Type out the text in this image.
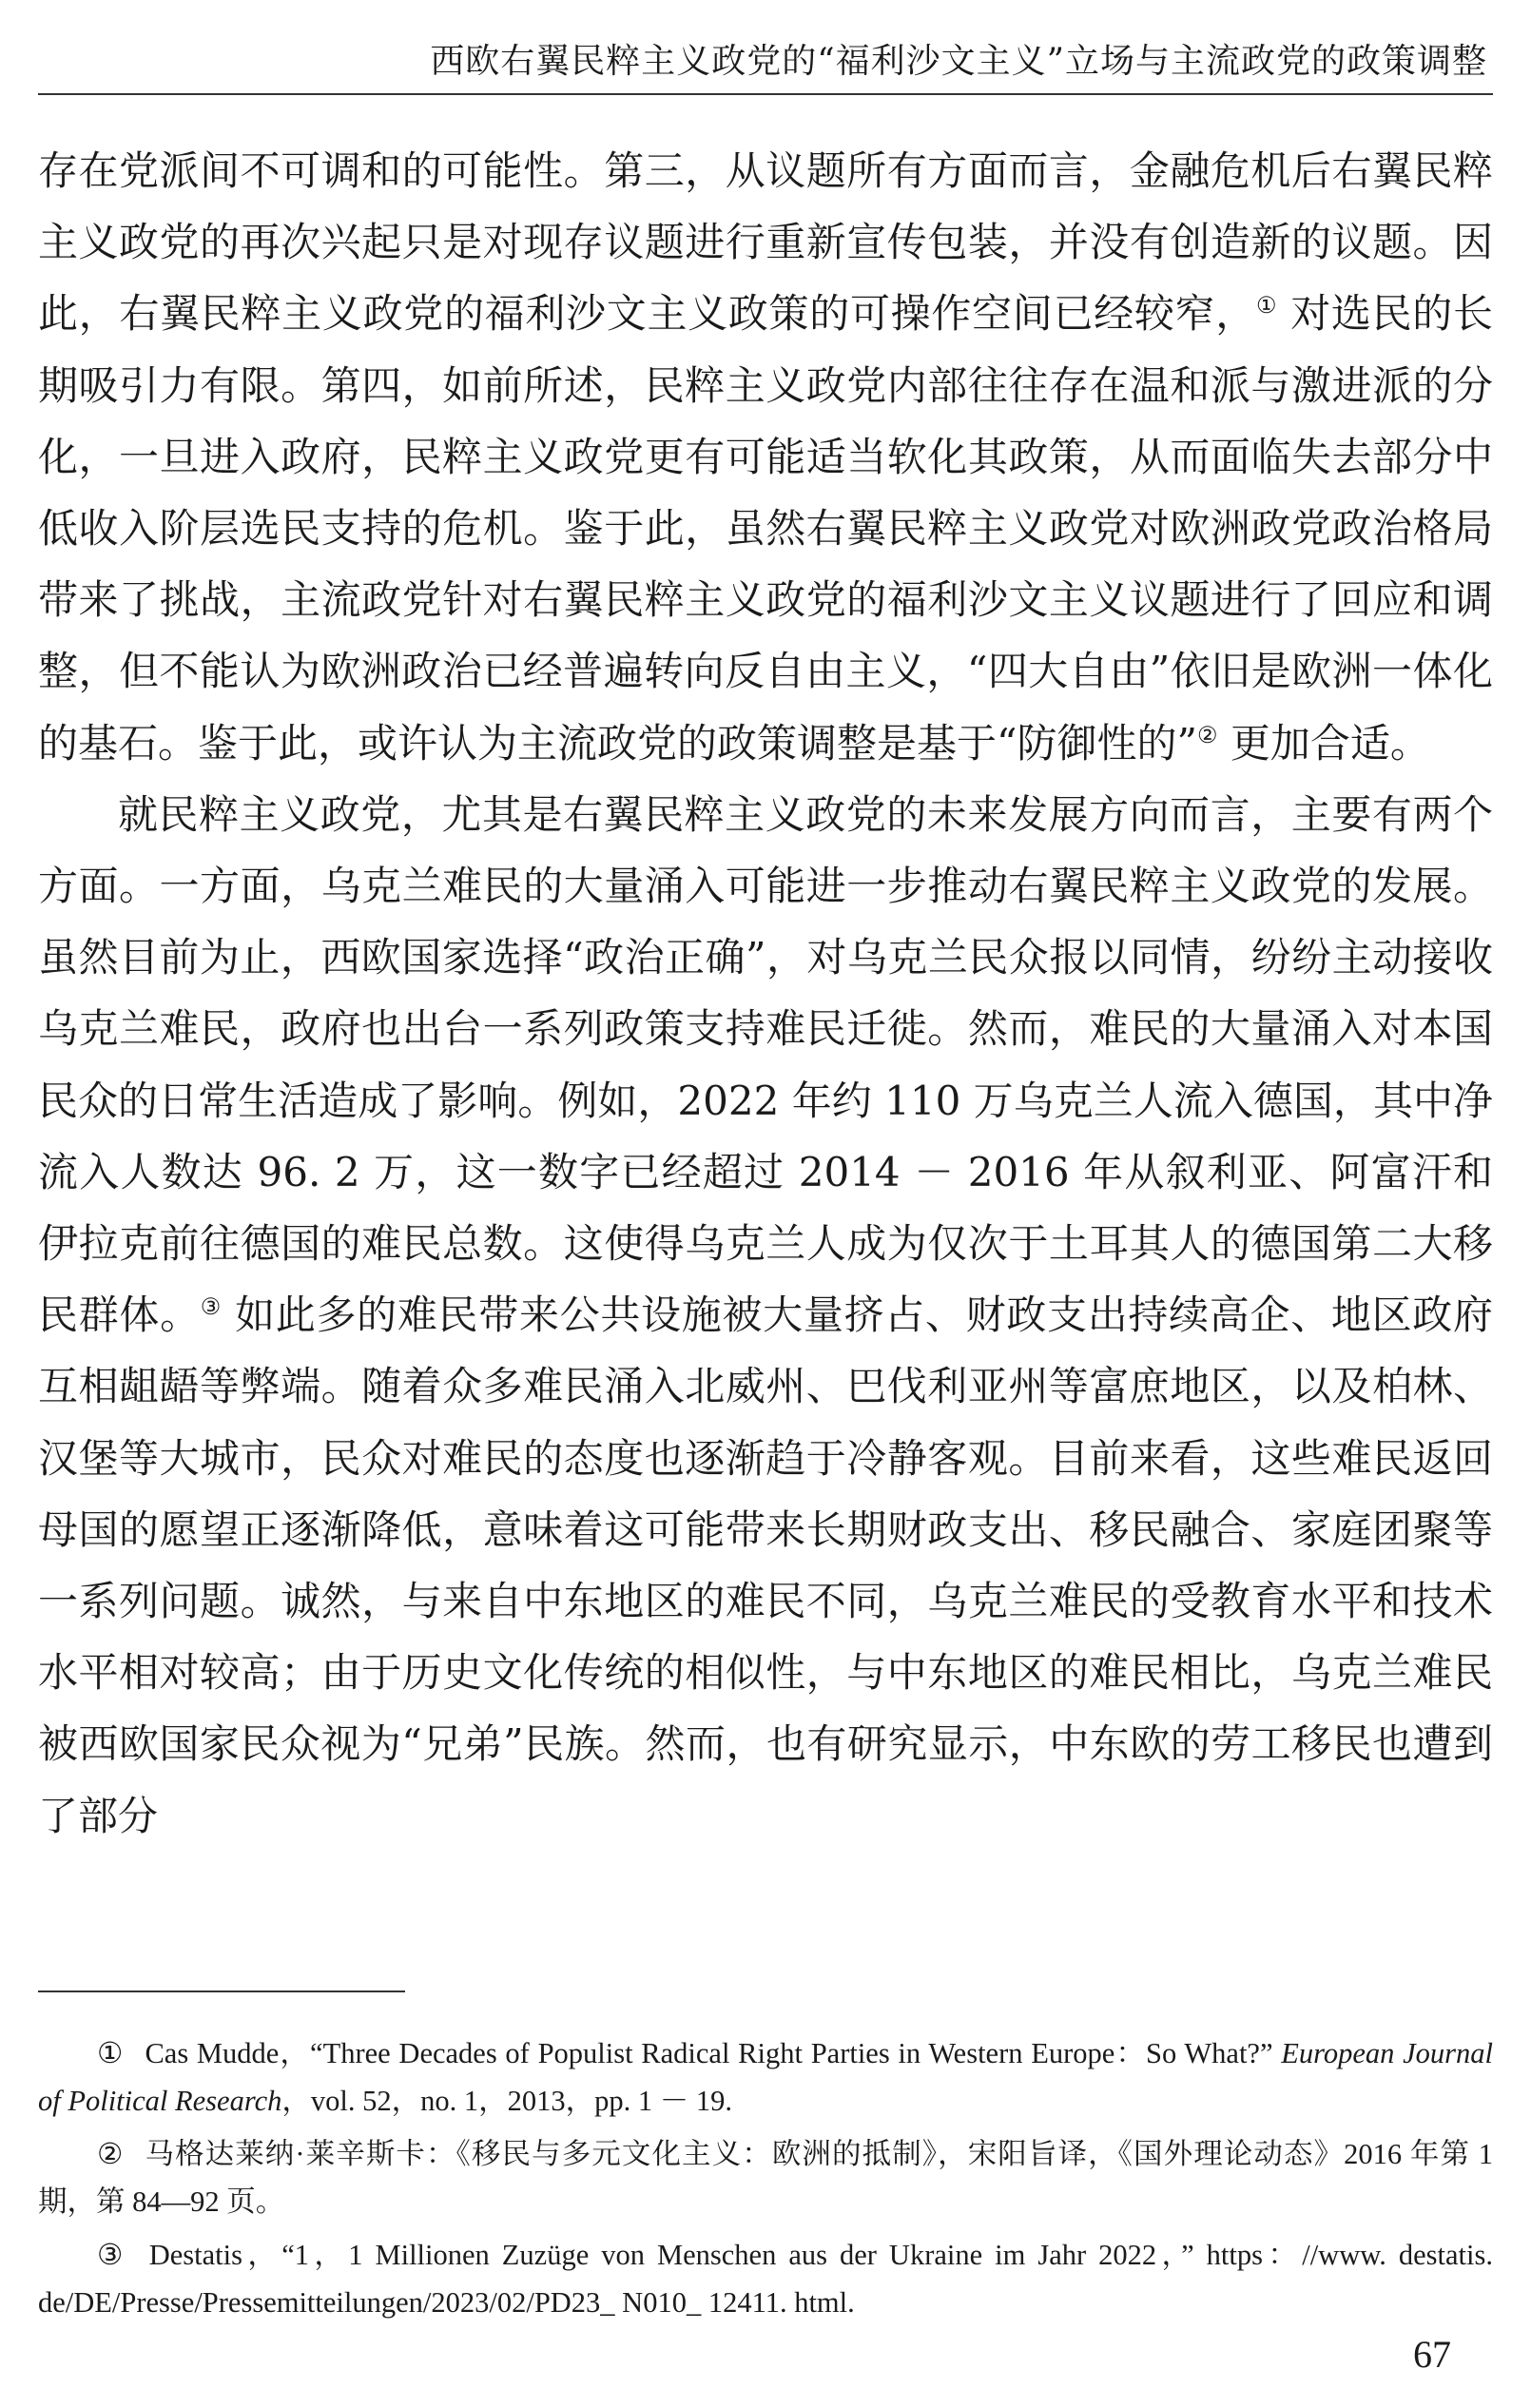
西欧右翼民粹主义政党的“福利沙文主义”立场与主流政党的政策调整

存在党派间不可调和的可能性。第三，从议题所有方面而言，金融危机后右翼民粹主义政党的再次兴起只是对现存议题进行重新宣传包装，并没有创造新的议题。因此，右翼民粹主义政党的福利沙文主义政策的可操作空间已经较窄，① 对选民的长期吸引力有限。第四，如前所述，民粹主义政党内部往往存在温和派与激进派的分化，一旦进入政府，民粹主义政党更有可能适当软化其政策，从而面临失去部分中低收入阶层选民支持的危机。鉴于此，虽然右翼民粹主义政党对欧洲政党政治格局带来了挑战，主流政党针对右翼民粹主义政党的福利沙文主义议题进行了回应和调整，但不能认为欧洲政治已经普遍转向反自由主义，“四大自由”依旧是欧洲一体化的基石。鉴于此，或许认为主流政党的政策调整是基于“防御性的”② 更加合适。

就民粹主义政党，尤其是右翼民粹主义政党的未来发展方向而言，主要有两个方面。一方面，乌克兰难民的大量涌入可能进一步推动右翼民粹主义政党的发展。虽然目前为止，西欧国家选择“政治正确”，对乌克兰民众报以同情，纷纷主动接收乌克兰难民，政府也出台一系列政策支持难民迁徙。然而，难民的大量涌入对本国民众的日常生活造成了影响。例如，2022 年约 110 万乌克兰人流入德国，其中净流入人数达 96. 2 万，这一数字已经超过 2014 － 2016 年从叙利亚、阿富汗和伊拉克前往德国的难民总数。这使得乌克兰人成为仅次于土耳其人的德国第二大移民群体。③ 如此多的难民带来公共设施被大量挤占、财政支出持续高企、地区政府互相龃龉等弊端。随着众多难民涌入北威州、巴伐利亚州等富庶地区，以及柏林、汉堡等大城市，民众对难民的态度也逐渐趋于冷静客观。目前来看，这些难民返回母国的愿望正逐渐降低，意味着这可能带来长期财政支出、移民融合、家庭团聚等一系列问题。诚然，与来自中东地区的难民不同，乌克兰难民的受教育水平和技术水平相对较高；由于历史文化传统的相似性，与中东地区的难民相比，乌克兰难民被西欧国家民众视为“兄弟”民族。然而，也有研究显示，中东欧的劳工移民也遭到了部分

① Cas Mudde，“Three Decades of Populist Radical Right Parties in Western Europe：So What?” European Journal of Political Research，vol. 52，no. 1，2013，pp. 1 － 19.

② 马格达莱纳·莱辛斯卡：《移民与多元文化主义：欧洲的抵制》，宋阳旨译，《国外理论动态》2016 年第 1 期，第 84—92 页。

③ Destatis，“1，1 Millionen Zuzüge von Menschen aus der Ukraine im Jahr 2022，” https：//www. destatis. de/DE/Presse/Pressemitteilungen/2023/02/PD23_ N010_ 12411. html.

67
